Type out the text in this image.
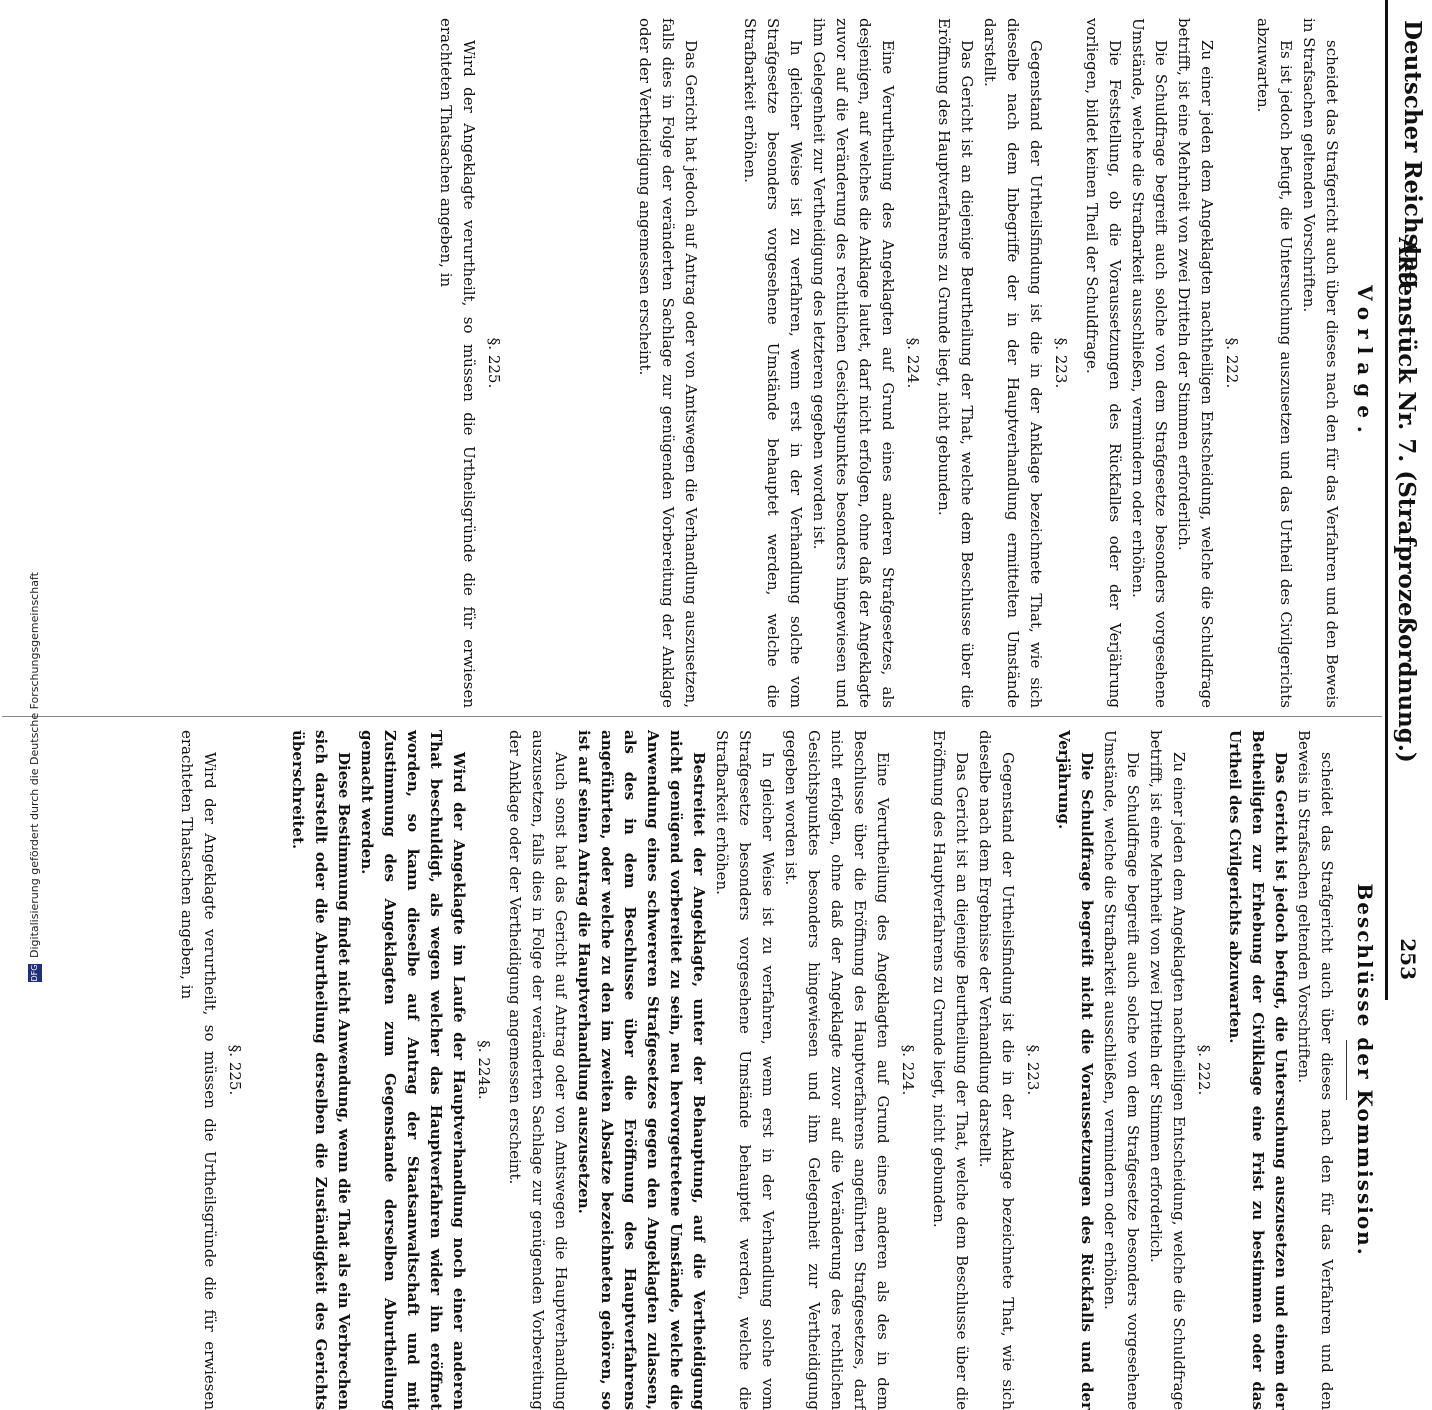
Deutscher Reichstag.
Aktenstück Nr. 7. (Strafprozeßordnung.)
253
Vorlage.

scheidet das Strafgericht auch über dieses nach den für das Verfahren und den Beweis in Strafsachen geltenden Vorschriften.

Es ist jedoch befugt, die Untersuchung auszusetzen und das Urtheil des Civilgerichts abzuwarten.

§. 222.

Zu einer jeden dem Angeklagten nachtheiligen Entscheidung, welche die Schuldfrage betrifft, ist eine Mehrheit von zwei Dritteln der Stimmen erforderlich.

Die Schuldfrage begreift auch solche von dem Strafgesetze besonders vorgesehene Umstände, welche die Strafbarkeit ausschließen, vermindern oder erhöhen.

Die Feststellung, ob die Voraussetzungen des Rückfalles oder der Verjährung vorliegen, bildet keinen Theil der Schuldfrage.

§. 223.

Gegenstand der Urtheilsfindung ist die in der Anklage bezeichnete That, wie sich dieselbe nach dem Inbegriffe der in der Hauptverhandlung ermittelten Umstände darstellt.

Das Gericht ist an diejenige Beurtheilung der That, welche dem Beschlusse über die Eröffnung des Hauptverfahrens zu Grunde liegt, nicht gebunden.

§. 224.

Eine Verurtheilung des Angeklagten auf Grund eines anderen Strafgesetzes, als desjenigen, auf welches die Anklage lautet, darf nicht erfolgen, ohne daß der Angeklagte zuvor auf die Veränderung des rechtlichen Gesichtspunktes besonders hingewiesen und ihm Gelegenheit zur Vertheidigung des letzteren gegeben worden ist.

In gleicher Weise ist zu verfahren, wenn erst in der Verhandlung solche vom Strafgesetze besonders vorgesehene Umstände behauptet werden, welche die Strafbarkeit erhöhen.

Das Gericht hat jedoch auf Antrag oder von Amtswegen die Verhandlung auszusetzen, falls dies in Folge der veränderten Sachlage zur genügenden Vorbereitung der Anklage oder der Vertheidigung angemessen erscheint.

§. 225.

Wird der Angeklagte verurtheilt, so müssen die Urtheilsgründe die für erwiesen erachteten Thatsachen angeben, in

Beschlüsse der Kommission.

scheidet das Strafgericht auch über dieses nach den für das Verfahren und den Beweis in Strafsachen geltenden Vorschriften.

Das Gericht ist jedoch befugt, die Untersuchung auszusetzen und einem der Betheiligten zur Erhebung der Civilklage eine Frist zu bestimmen oder das Urtheil des Civilgerichts abzuwarten.

§. 222.

Zu einer jeden dem Angeklagten nachtheiligen Entscheidung, welche die Schuldfrage betrifft, ist eine Mehrheit von zwei Dritteln der Stimmen erforderlich.

Die Schuldfrage begreift auch solche von dem Strafgesetze besonders vorgesehene Umstände, welche die Strafbarkeit ausschließen, vermindern oder erhöhen.

Die Schuldfrage begreift nicht die Voraussetzungen des Rückfalls und der Verjährung.

§. 223.

Gegenstand der Urtheilsfindung ist die in der Anklage bezeichnete That, wie sich dieselbe nach dem Ergebnisse der Verhandlung darstellt.

Das Gericht ist an diejenige Beurtheilung der That, welche dem Beschlusse über die Eröffnung des Hauptverfahrens zu Grunde liegt, nicht gebunden.

§. 224.

Eine Verurtheilung des Angeklagten auf Grund eines anderen als des in dem Beschlusse über die Eröffnung des Hauptverfahrens angeführten Strafgesetzes, darf nicht erfolgen, ohne daß der Angeklagte zuvor auf die Veränderung des rechtlichen Gesichtspunktes besonders hingewiesen und ihm Gelegenheit zur Vertheidigung gegeben worden ist.

In gleicher Weise ist zu verfahren, wenn erst in der Verhandlung solche vom Strafgesetze besonders vorgesehene Umstände behauptet werden, welche die Strafbarkeit erhöhen.

Bestreitet der Angeklagte, unter der Behauptung, auf die Vertheidigung nicht genügend vorbereitet zu sein, neu hervorgetretene Umstände, welche die Anwendung eines schwereren Strafgesetzes gegen den Angeklagten zulassen, als des in dem Beschlusse über die Eröffnung des Hauptverfahrens angeführten, oder welche zu den im zweiten Absatze bezeichneten gehören, so ist auf seinen Antrag die Hauptverhandlung auszusetzen.

Auch sonst hat das Gericht auf Antrag oder von Amtswegen die Hauptverhandlung auszusetzen, falls dies in Folge der veränderten Sachlage zur genügenden Vorbereitung der Anklage oder der Vertheidigung angemessen erscheint.

§. 224a.

Wird der Angeklagte im Laufe der Hauptverhandlung noch einer anderen That beschuldigt, als wegen welcher das Hauptverfahren wider ihn eröffnet worden, so kann dieselbe auf Antrag der Staatsanwaltschaft und mit Zustimmung des Angeklagten zum Gegenstande derselben Aburtheilung gemacht werden.

Diese Bestimmung findet nicht Anwendung, wenn die That als ein Verbrechen sich darstellt oder die Aburtheilung derselben die Zuständigkeit des Gerichts überschreitet.

§. 225.

Wird der Angeklagte verurtheilt, so müssen die Urtheilsgründe die für erwiesen erachteten Thatsachen angeben, in

DFG
Digitalisierung gefördert durch die Deutsche Forschungsgemeinschaft
